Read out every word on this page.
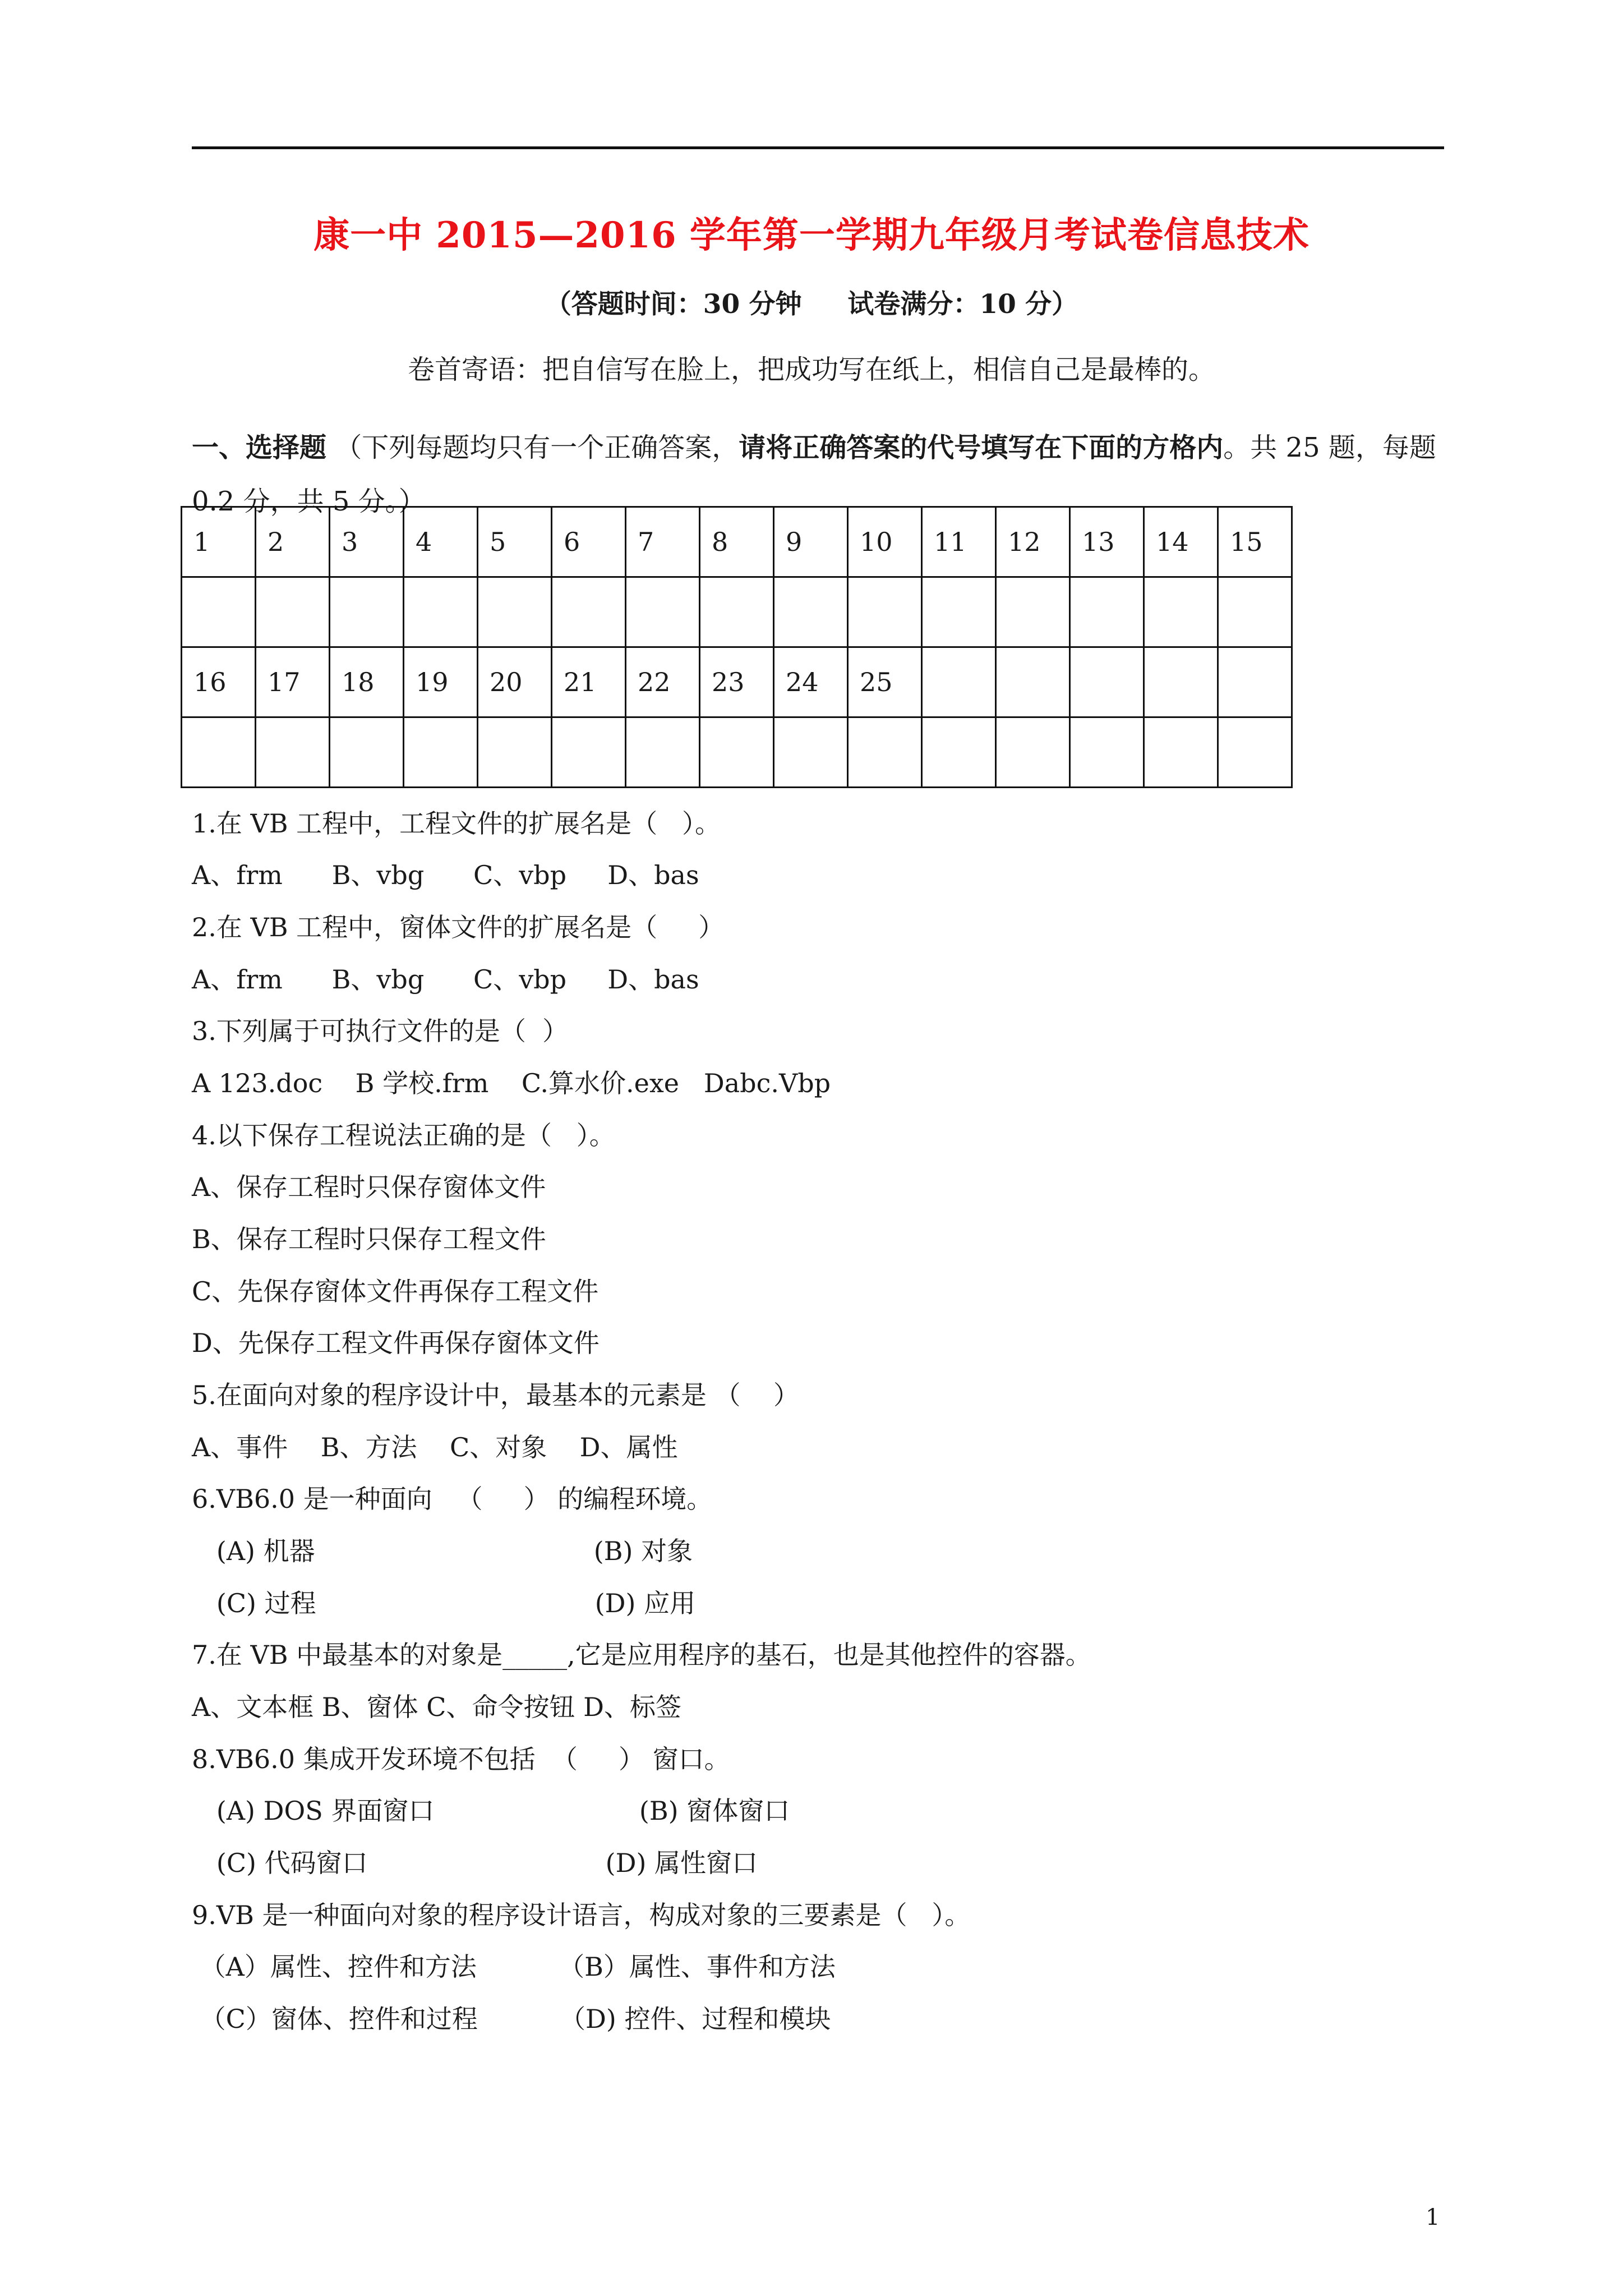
康一中 2015—2016 学年第一学期九年级月考试卷信息技术
（答题时间：30 分钟     试卷满分：10 分）
卷首寄语：把自信写在脸上，把成功写在纸上，相信自己是最棒的。
一、选择题 （下列每题均只有一个正确答案，请将正确答案的代号填写在下面的方格内。共 25 题，每题 0.2 分，共 5 分。）
1	2	3	4	5	6	7	8	9	10	11	12	13	14	15

16	17	18	19	20	21	22	23	24	25					

1.在 VB 工程中，工程文件的扩展名是（   ）。
A、frm      B、vbg      C、vbp     D、bas
2.在 VB 工程中，窗体文件的扩展名是（     ）
A、frm      B、vbg      C、vbp     D、bas
3.下列属于可执行文件的是（  ）
A 123.doc    B 学校.frm    C.算水价.exe   Dabc.Vbp
4.以下保存工程说法正确的是（   ）。
A、保存工程时只保存窗体文件
B、保存工程时只保存工程文件
C、先保存窗体文件再保存工程文件
D、先保存工程文件再保存窗体文件
5.在面向对象的程序设计中，最基本的元素是 （    ）
A、事件    B、方法    C、对象    D、属性
6.VB6.0 是一种面向   （     ） 的编程环境。
(A) 机器                                  (B) 对象
(C) 过程                                  (D) 应用
7.在 VB 中最基本的对象是_____,它是应用程序的基石，也是其他控件的容器。
A、文本框 B、窗体 C、命令按钮 D、标签
8.VB6.0 集成开发环境不包括  （     ） 窗口。
(A) DOS 界面窗口                         (B) 窗体窗口
(C) 代码窗口                             (D) 属性窗口
9.VB 是一种面向对象的程序设计语言，构成对象的三要素是（   ）。
（A）属性、控件和方法          （B）属性、事件和方法
（C）窗体、控件和过程          （D) 控件、过程和模块
1
